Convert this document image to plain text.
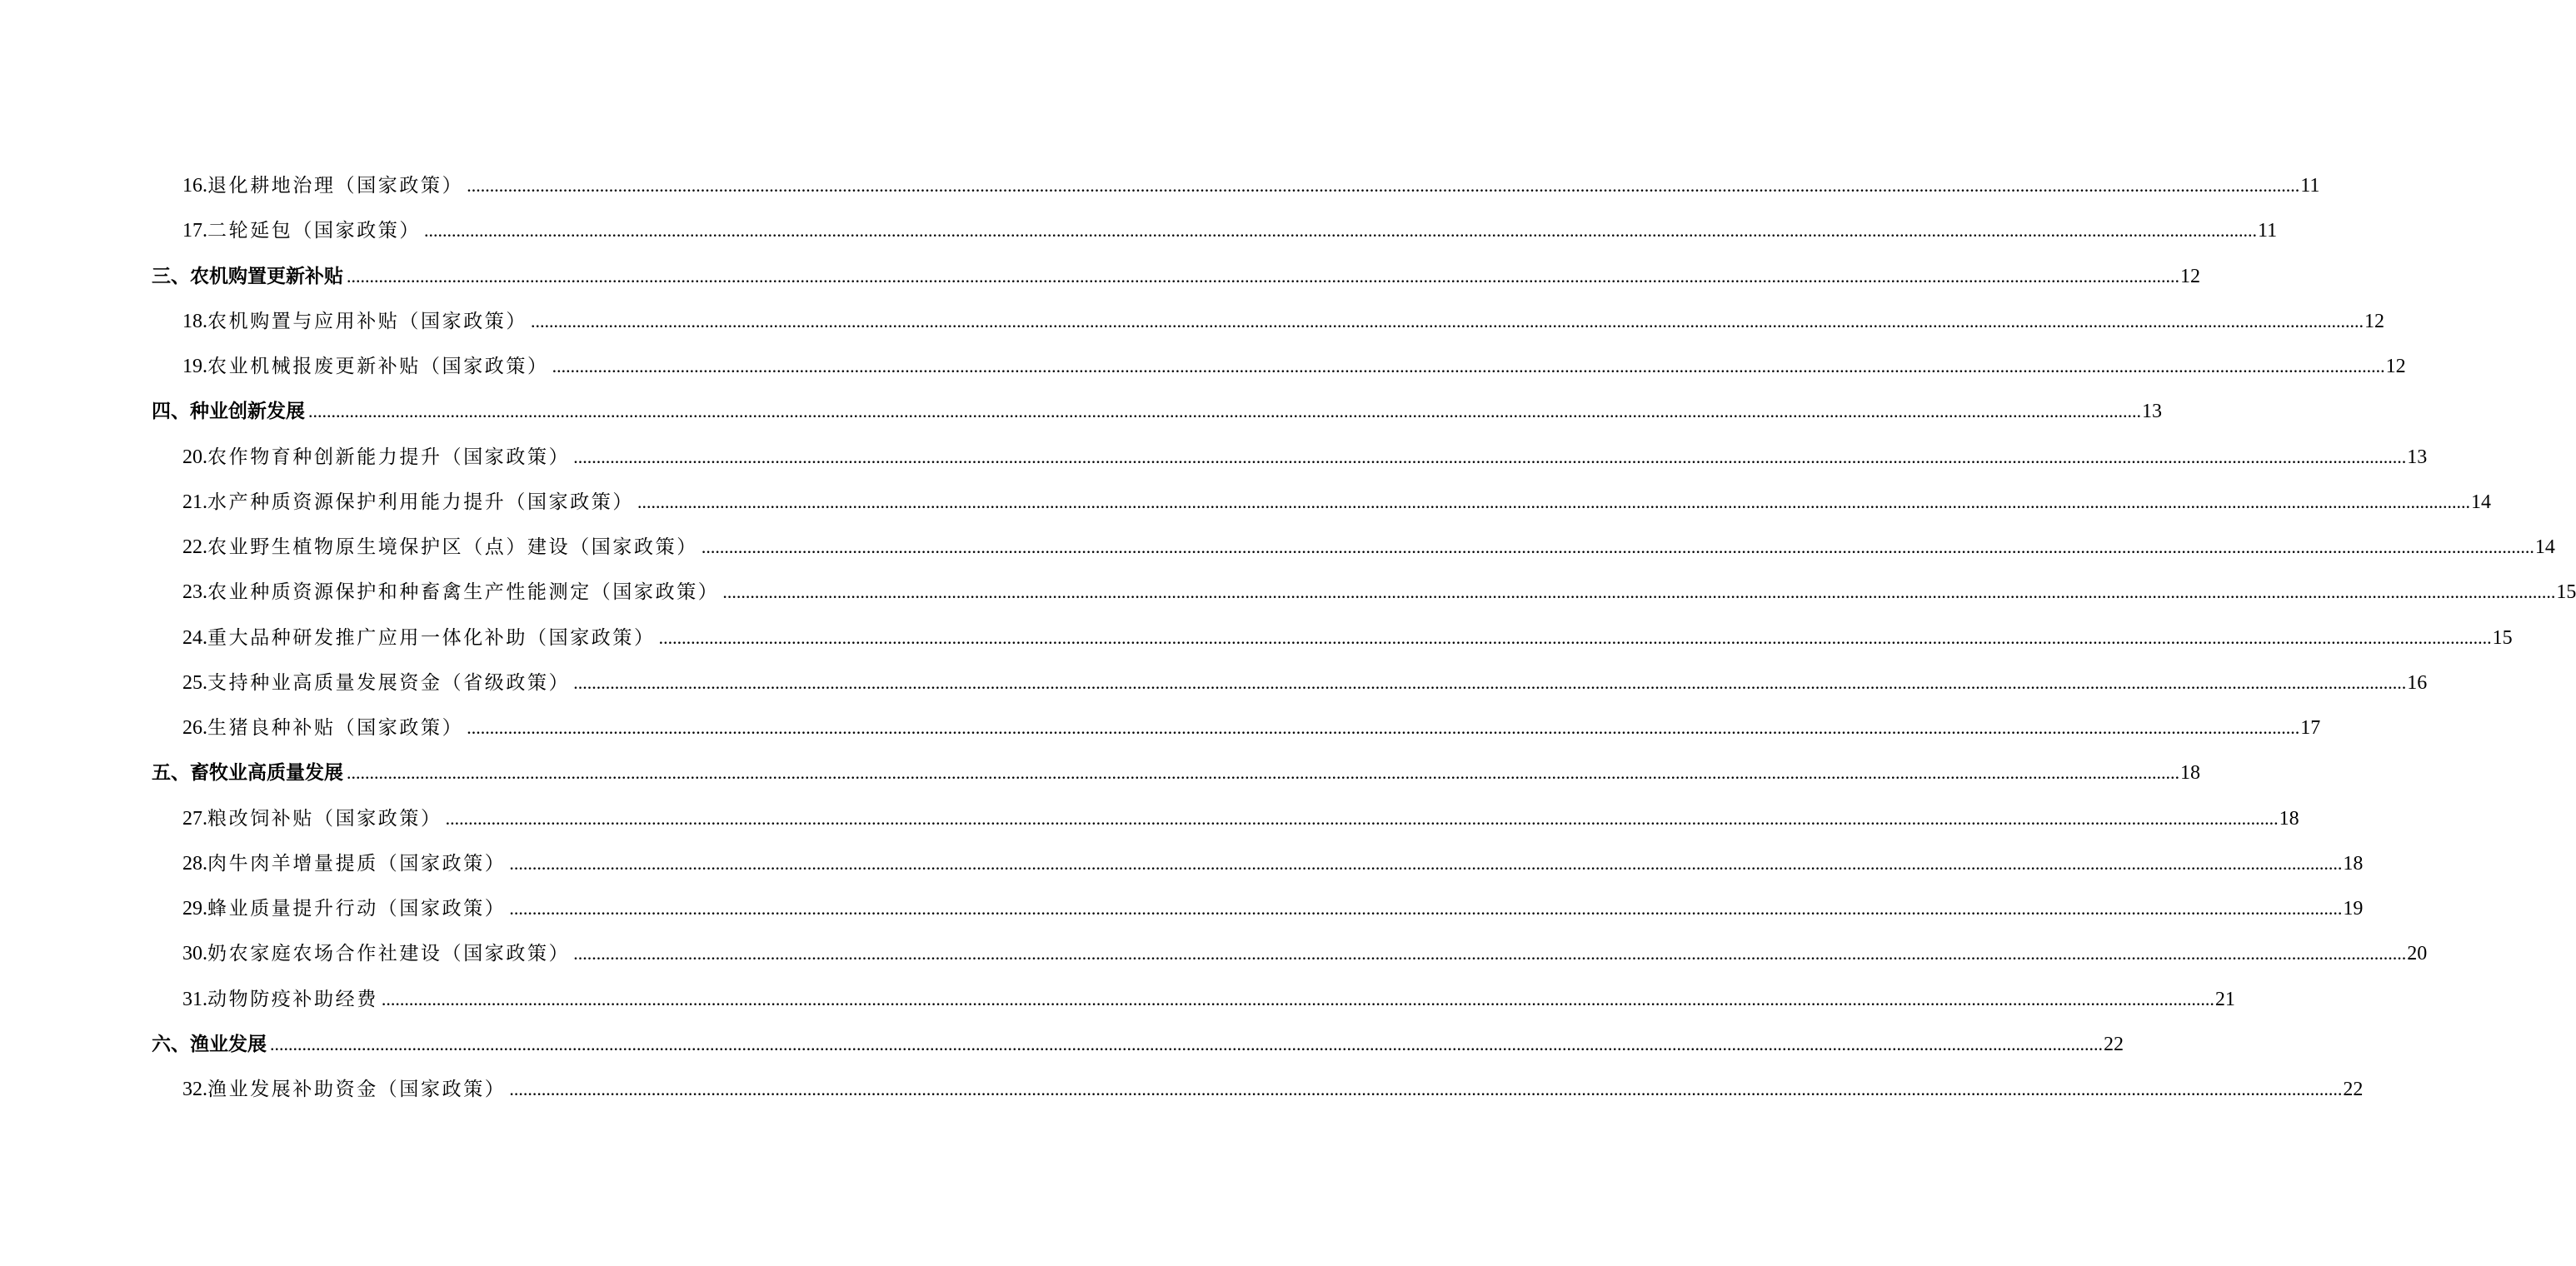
16.退化耕地治理（国家政策） ................................................................................................................................................................................................................................................................................................................................................................................................................ 11
17.二轮延包（国家政策） ................................................................................................................................................................................................................................................................................................................................................................................................................ 11
三、农机购置更新补贴 ................................................................................................................................................................................................................................................................................................................................................................................................................ 12
18.农机购置与应用补贴（国家政策） ................................................................................................................................................................................................................................................................................................................................................................................................................ 12
19.农业机械报废更新补贴（国家政策） ................................................................................................................................................................................................................................................................................................................................................................................................................ 12
四、种业创新发展 ................................................................................................................................................................................................................................................................................................................................................................................................................ 13
20.农作物育种创新能力提升（国家政策） ................................................................................................................................................................................................................................................................................................................................................................................................................ 13
21.水产种质资源保护利用能力提升（国家政策） ................................................................................................................................................................................................................................................................................................................................................................................................................ 14
22.农业野生植物原生境保护区（点）建设（国家政策） ................................................................................................................................................................................................................................................................................................................................................................................................................ 14
23.农业种质资源保护和种畜禽生产性能测定（国家政策） ................................................................................................................................................................................................................................................................................................................................................................................................................ 15
24.重大品种研发推广应用一体化补助（国家政策） ................................................................................................................................................................................................................................................................................................................................................................................................................ 15
25.支持种业高质量发展资金（省级政策） ................................................................................................................................................................................................................................................................................................................................................................................................................ 16
26.生猪良种补贴（国家政策） ................................................................................................................................................................................................................................................................................................................................................................................................................ 17
五、畜牧业高质量发展 ................................................................................................................................................................................................................................................................................................................................................................................................................ 18
27.粮改饲补贴（国家政策） ................................................................................................................................................................................................................................................................................................................................................................................................................ 18
28.肉牛肉羊增量提质（国家政策） ................................................................................................................................................................................................................................................................................................................................................................................................................ 18
29.蜂业质量提升行动（国家政策） ................................................................................................................................................................................................................................................................................................................................................................................................................ 19
30.奶农家庭农场合作社建设（国家政策） ................................................................................................................................................................................................................................................................................................................................................................................................................ 20
31.动物防疫补助经费 ................................................................................................................................................................................................................................................................................................................................................................................................................ 21
六、渔业发展 ................................................................................................................................................................................................................................................................................................................................................................................................................ 22
32.渔业发展补助资金（国家政策） ................................................................................................................................................................................................................................................................................................................................................................................................................ 22
